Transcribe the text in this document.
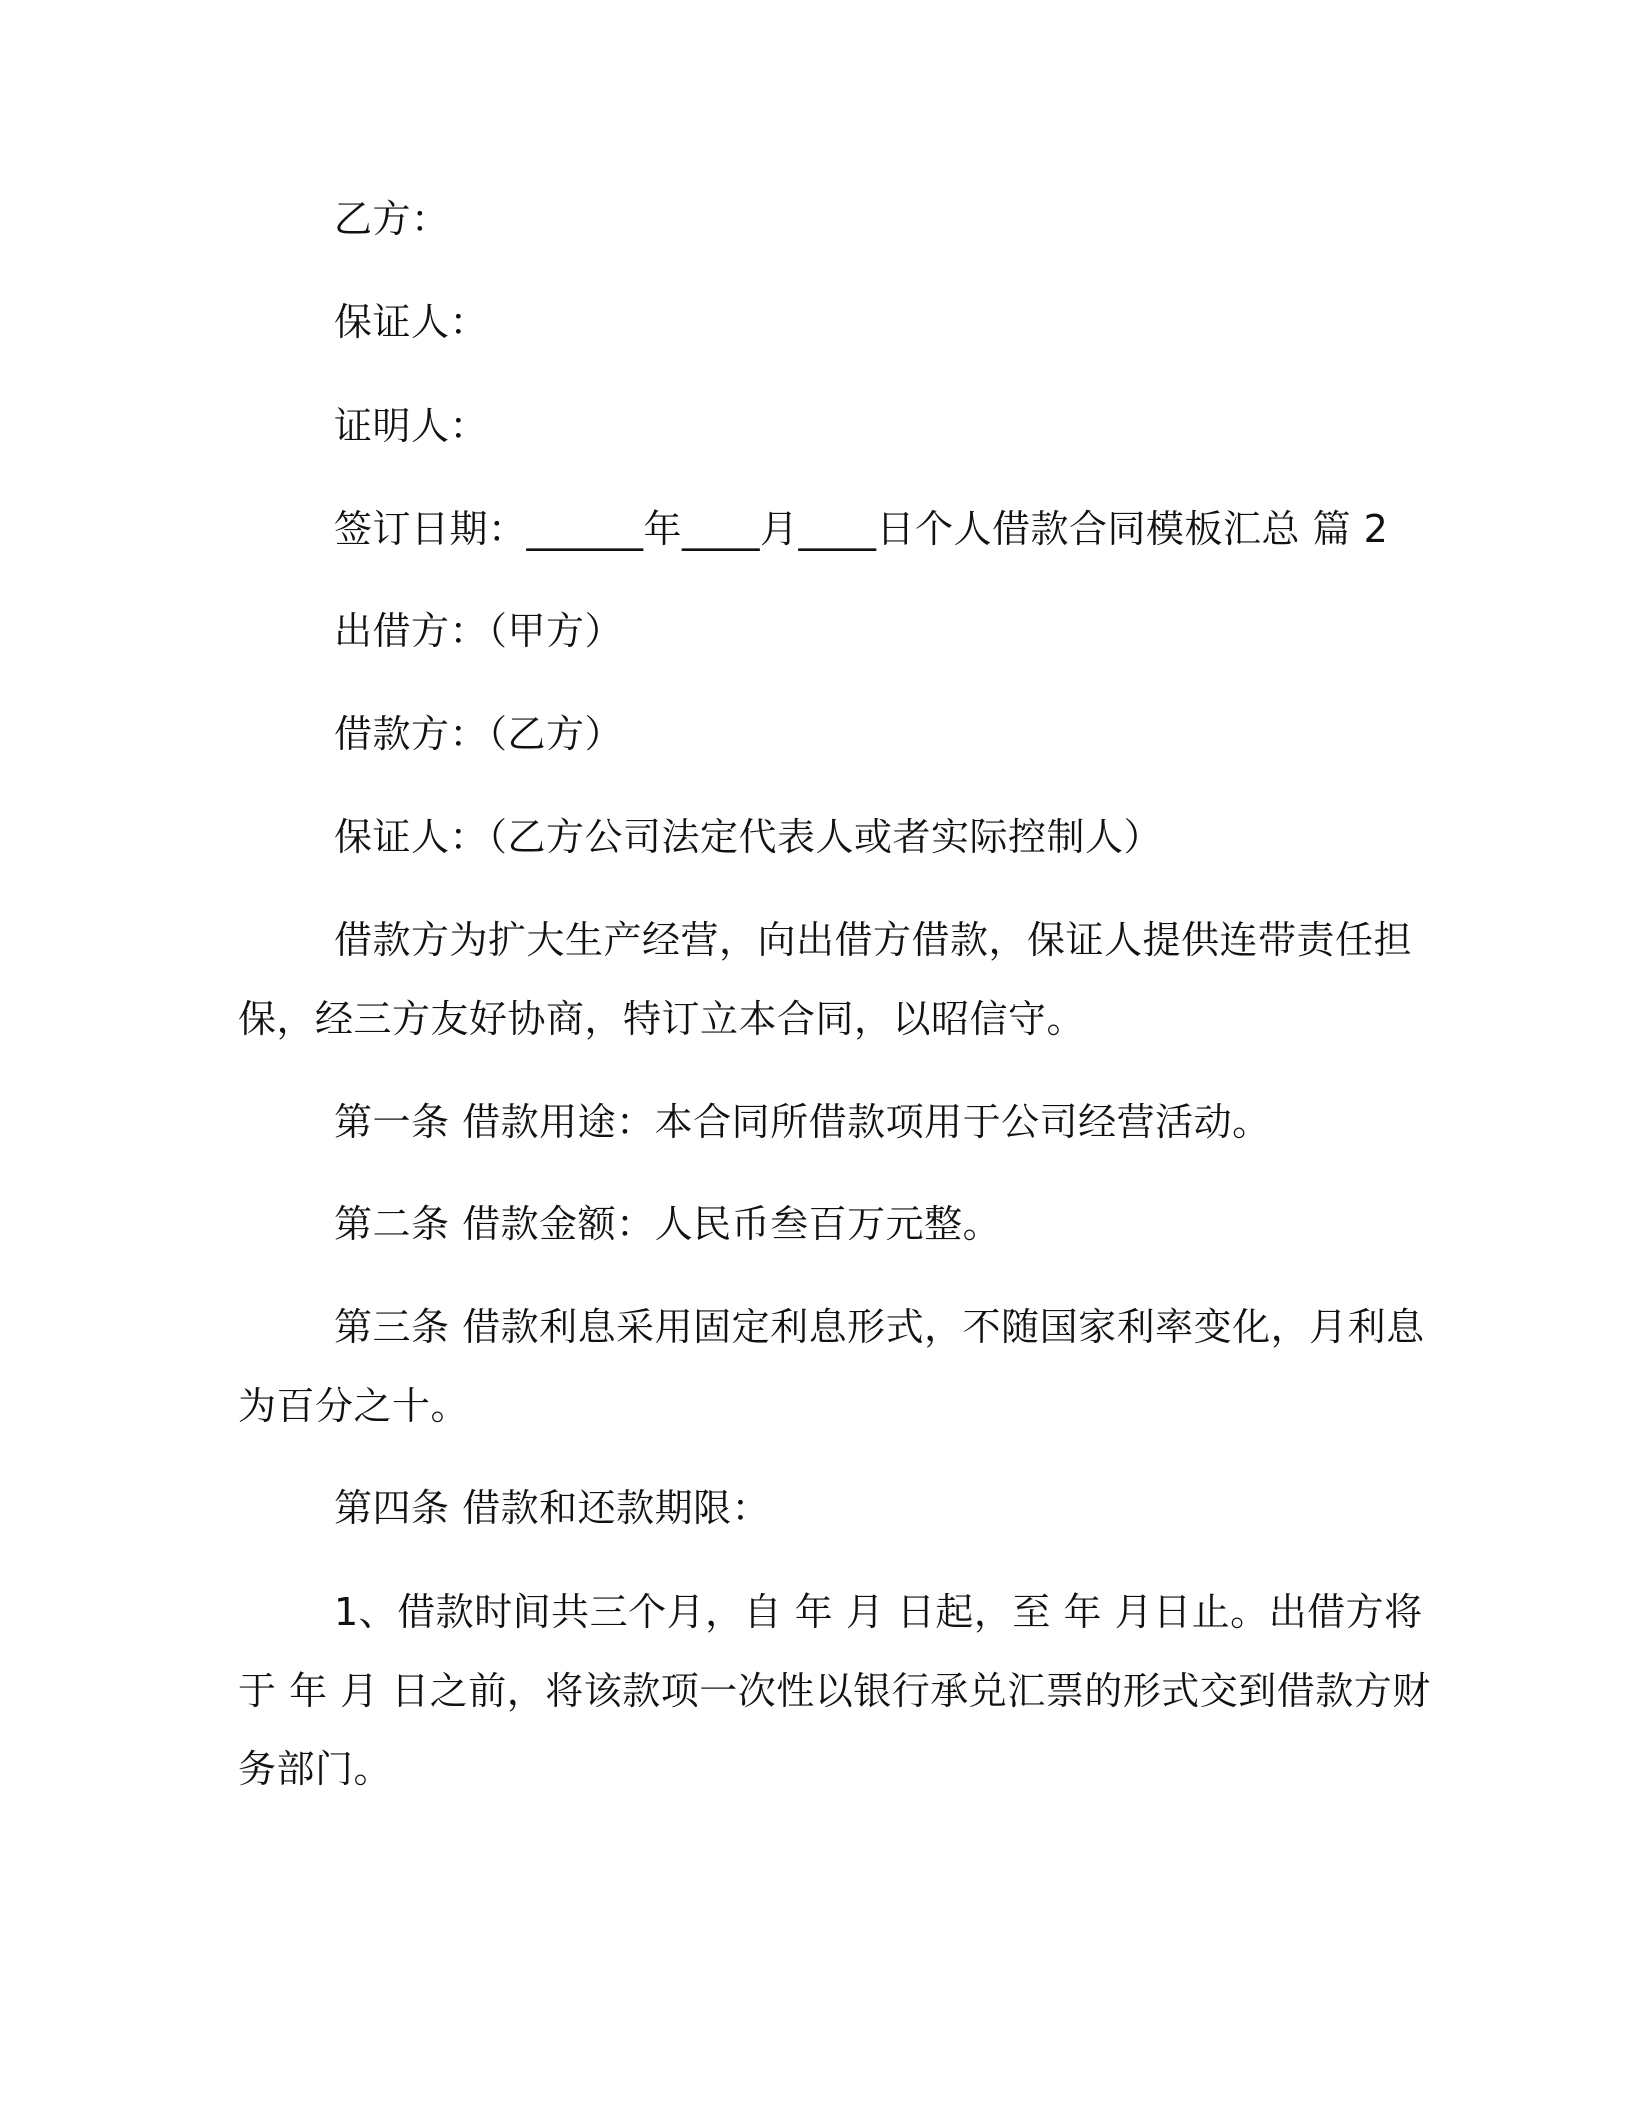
乙方：
保证人：
证明人：
签订日期：______年____月____日个人借款合同模板汇总 篇 2
出借方：（甲方）
借款方：（乙方）
保证人：（乙方公司法定代表人或者实际控制人）
借款方为扩大生产经营，向出借方借款，保证人提供连带责任担
保，经三方友好协商，特订立本合同，以昭信守。
第一条 借款用途：本合同所借款项用于公司经营活动。
第二条 借款金额：人民币叁百万元整。
第三条 借款利息采用固定利息形式，不随国家利率变化，月利息
为百分之十。
第四条 借款和还款期限：
1、借款时间共三个月，自 年 月 日起，至 年 月日止。出借方将
于 年 月 日之前，将该款项一次性以银行承兑汇票的形式交到借款方财
务部门。
